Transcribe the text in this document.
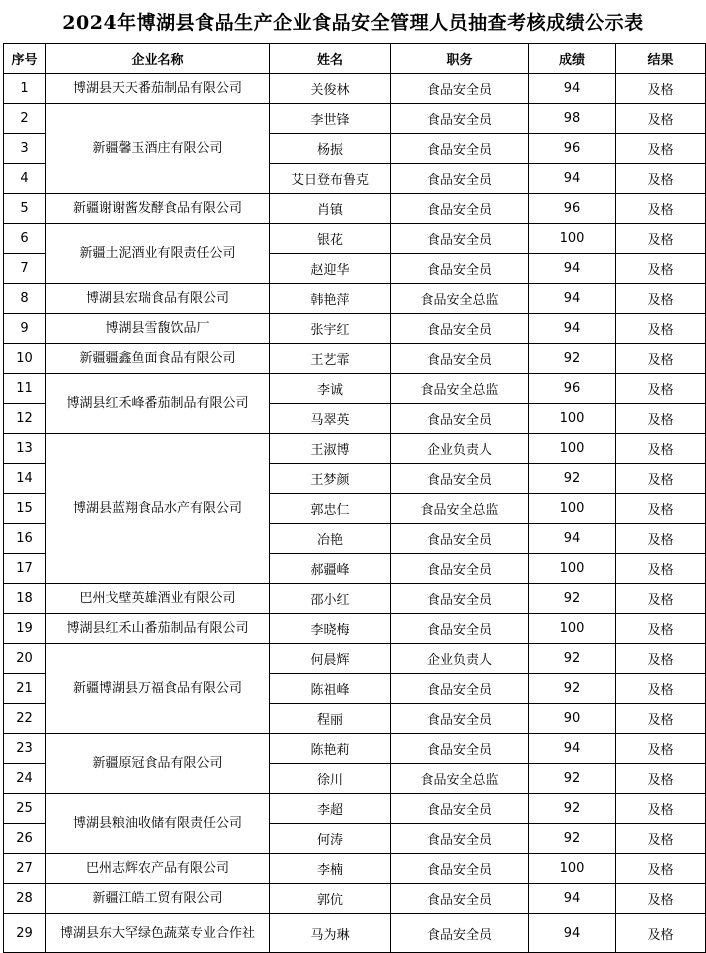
2024年博湖县食品生产企业食品安全管理人员抽查考核成绩公示表
序号	企业名称	姓名	职务	成绩	结果
1	博湖县天天番茄制品有限公司	关俊林	食品安全员	94	及格
2	新疆馨玉酒庄有限公司	李世锋	食品安全员	98	及格
3		杨振	食品安全员	96	及格
4		艾日登布鲁克	食品安全员	94	及格
5	新疆谢谢酱发酵食品有限公司	肖镇	食品安全员	96	及格
6	新疆土泥酒业有限责任公司	银花	食品安全员	100	及格
7		赵迎华	食品安全员	94	及格
8	博湖县宏瑞食品有限公司	韩艳萍	食品安全总监	94	及格
9	博湖县雪馥饮品厂	张宇红	食品安全员	94	及格
10	新疆疆鑫鱼面食品有限公司	王艺霏	食品安全员	92	及格
11	博湖县红禾峰番茄制品有限公司	李诚	食品安全总监	96	及格
12		马翠英	食品安全员	100	及格
13	博湖县蓝翔食品水产有限公司	王淑博	企业负责人	100	及格
14		王梦颜	食品安全员	92	及格
15		郭忠仁	食品安全总监	100	及格
16		冶艳	食品安全员	94	及格
17		郝疆峰	食品安全员	100	及格
18	巴州戈壁英雄酒业有限公司	邵小红	食品安全员	92	及格
19	博湖县红禾山番茄制品有限公司	李晓梅	食品安全员	100	及格
20	新疆博湖县万福食品有限公司	何晨辉	企业负责人	92	及格
21		陈祖峰	食品安全员	92	及格
22		程丽	食品安全员	90	及格
23	新疆原冠食品有限公司	陈艳莉	食品安全员	94	及格
24		徐川	食品安全总监	92	及格
25	博湖县粮油收储有限责任公司	李超	食品安全员	92	及格
26		何涛	食品安全员	92	及格
27	巴州志辉农产品有限公司	李楠	食品安全员	100	及格
28	新疆江皓工贸有限公司	郭伉	食品安全员	94	及格
29	博湖县东大罕绿色蔬菜专业合作社	马为琳	食品安全员	94	及格
